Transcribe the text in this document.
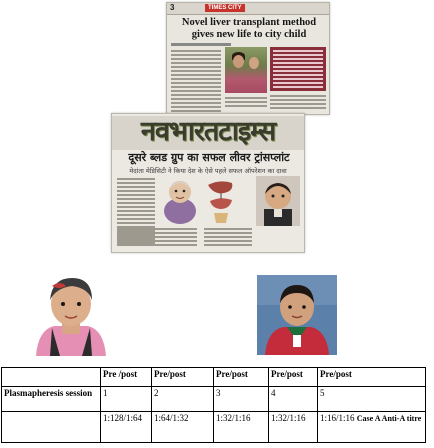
3	TIMES CITY
Novel liver transplant method
gives new life to city child
नवभारतटाइम्स
दूसरे ब्लड ग्रुप का सफल लीवर ट्रांसप्लांट
मेदांता मेडिसिटी ने किया देश के ऐसे पहले सफल ऑपरेशन का दावा
	Pre /post	Pre/post	Pre/post	Pre/post	Pre/post
Plasmapheresis session	1	2	3	4	5
	1:128/1:64	1:64/1:32	1:32/1:16	1:32/1:16	1:16/1:16 Case A Anti-A titre
